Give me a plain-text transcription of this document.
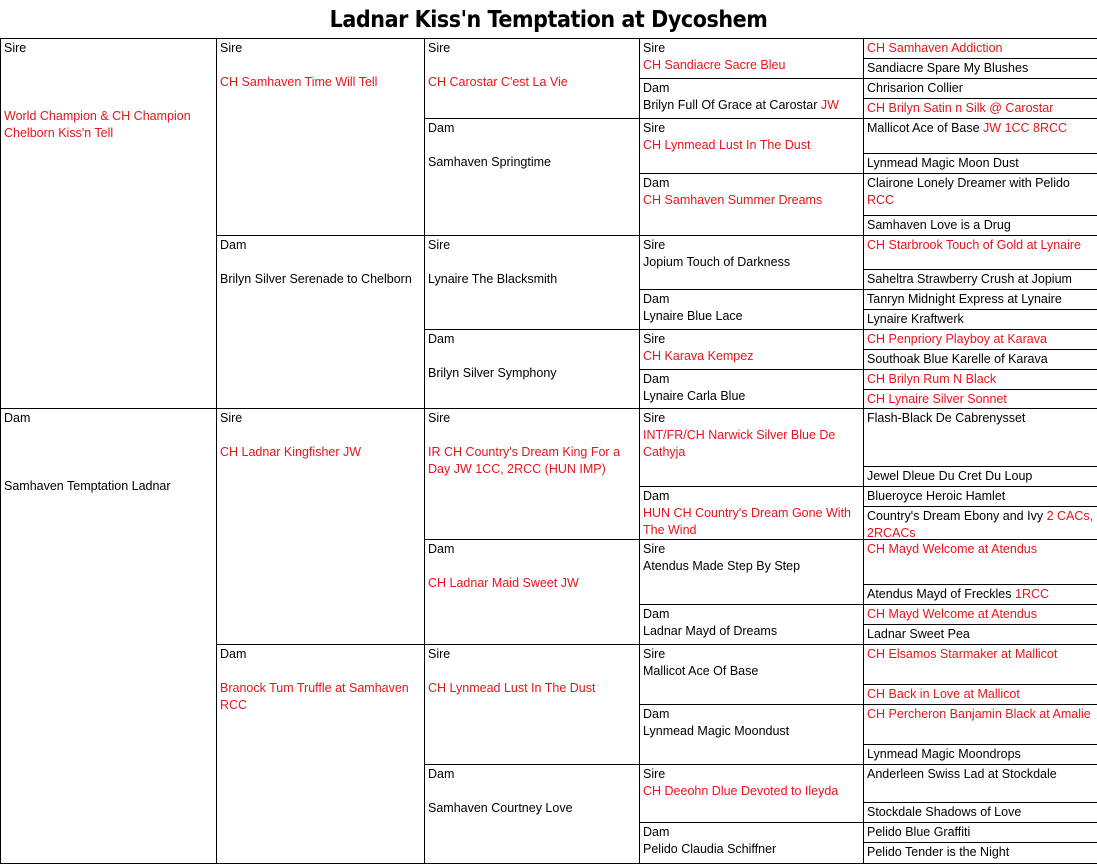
Ladnar Kiss'n Temptation at Dycoshem
Sire
World Champion & CH Champion Chelborn Kiss'n Tell
Dam
Samhaven Temptation Ladnar
Sire
CH Samhaven Time Will Tell
Dam
Brilyn Silver Serenade to Chelborn
Sire
CH Ladnar Kingfisher JW
Dam
Branock Tum Truffle at Samhaven RCC
Sire
CH Carostar C'est La Vie
Dam
Samhaven Springtime
Sire
Lynaire The Blacksmith
Dam
Brilyn Silver Symphony
Sire
IR CH Country's Dream King For a Day JW 1CC, 2RCC (HUN IMP)
Dam
CH Ladnar Maid Sweet JW
Sire
CH Lynmead Lust In The Dust
Dam
Samhaven Courtney Love
Sire
CH Sandiacre Sacre Bleu
Dam
Brilyn Full Of Grace at Carostar JW
Sire
CH Lynmead Lust In The Dust
Dam
CH Samhaven Summer Dreams
Sire
Jopium Touch of Darkness
Dam
Lynaire Blue Lace
Sire
CH Karava Kempez
Dam
Lynaire Carla Blue
Sire
INT/FR/CH Narwick Silver Blue De Cathyja
Dam
HUN CH Country's Dream Gone With The Wind
Sire
Atendus Made Step By Step
Dam
Ladnar Mayd of Dreams
Sire
Mallicot Ace Of Base
Dam
Lynmead Magic Moondust
Sire
CH Deeohn Dlue Devoted to Ileyda
Dam
Pelido Claudia Schiffner
CH Samhaven Addiction
Sandiacre Spare My Blushes
Chrisarion Collier
CH Brilyn Satin n Silk @ Carostar
Mallicot Ace of Base JW 1CC 8RCC
Lynmead Magic Moon Dust
Clairone Lonely Dreamer with Pelido RCC
Samhaven Love is a Drug
CH Starbrook Touch of Gold at Lynaire
Saheltra Strawberry Crush at Jopium
Tanryn Midnight Express at Lynaire
Lynaire Kraftwerk
CH Penpriory Playboy at Karava
Southoak Blue Karelle of Karava
CH Brilyn Rum N Black
CH Lynaire Silver Sonnet
Flash-Black De Cabrenysset
Jewel Dleue Du Cret Du Loup
Blueroyce Heroic Hamlet
Country's Dream Ebony and Ivy 2 CACs, 2RCACs
CH Mayd Welcome at Atendus
Atendus Mayd of Freckles 1RCC
CH Mayd Welcome at Atendus
Ladnar Sweet Pea
CH Elsamos Starmaker at Mallicot
CH Back in Love at Mallicot
CH Percheron Banjamin Black at Amalie
Lynmead Magic Moondrops
Anderleen Swiss Lad at Stockdale
Stockdale Shadows of Love
Pelido Blue Graffiti
Pelido Tender is the Night
